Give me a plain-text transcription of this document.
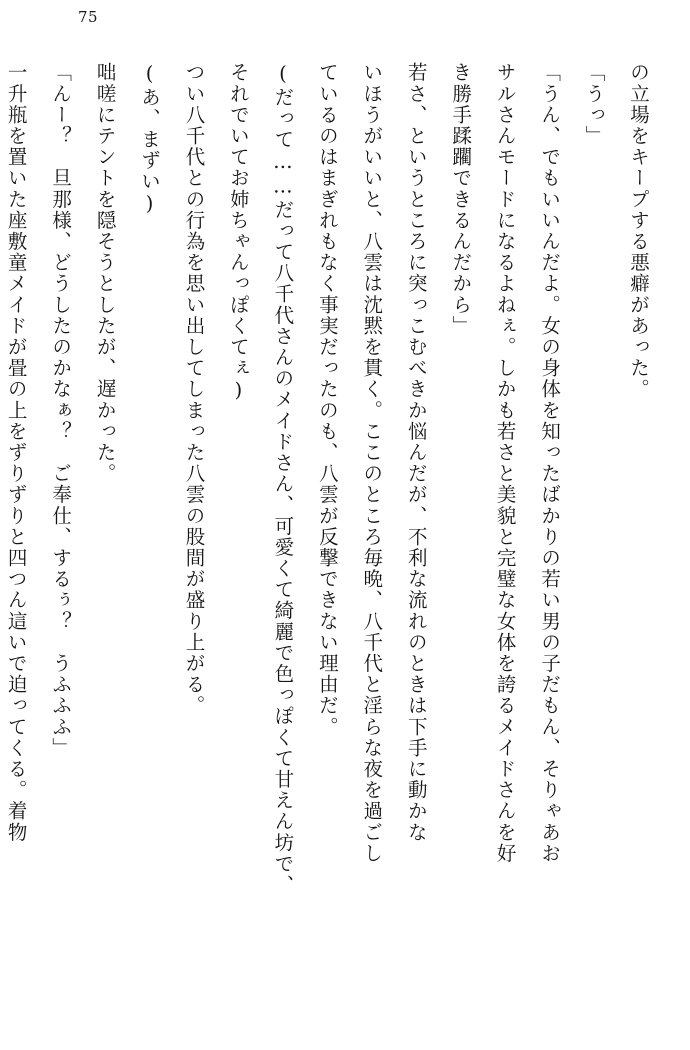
75

の立場をキープする悪癖があった。

「うっ」

「うん、でもいいんだよ。女の身体を知ったばかりの若い男の子だもん、そりゃあお

サルさんモードになるよねぇ。しかも若さと美貌と完璧な女体を誇るメイドさんを好

き勝手蹂躙できるんだから」

若さ、というところに突っこむべきか悩んだが、不利な流れのときは下手に動かな

いほうがいいと、八雲は沈黙を貫く。ここのところ毎晩、八千代と淫らな夜を過ごし

ているのはまぎれもなく事実だったのも、八雲が反撃できない理由だ。

(だって……だって八千代さんのメイドさん、可愛くて綺麗で色っぽくて甘えん坊で、

それでいてお姉ちゃんっぽくてぇ)

つい八千代との行為を思い出してしまった八雲の股間が盛り上がる。

(あ、まずい)

咄嗟にテントを隠そうとしたが、遅かった。

「んー？　旦那様、どうしたのかなぁ？　ご奉仕、するぅ？　うふふふ」

一升瓶を置いた座敷童メイドが畳の上をずりずりと四つん這いで迫ってくる。着物
